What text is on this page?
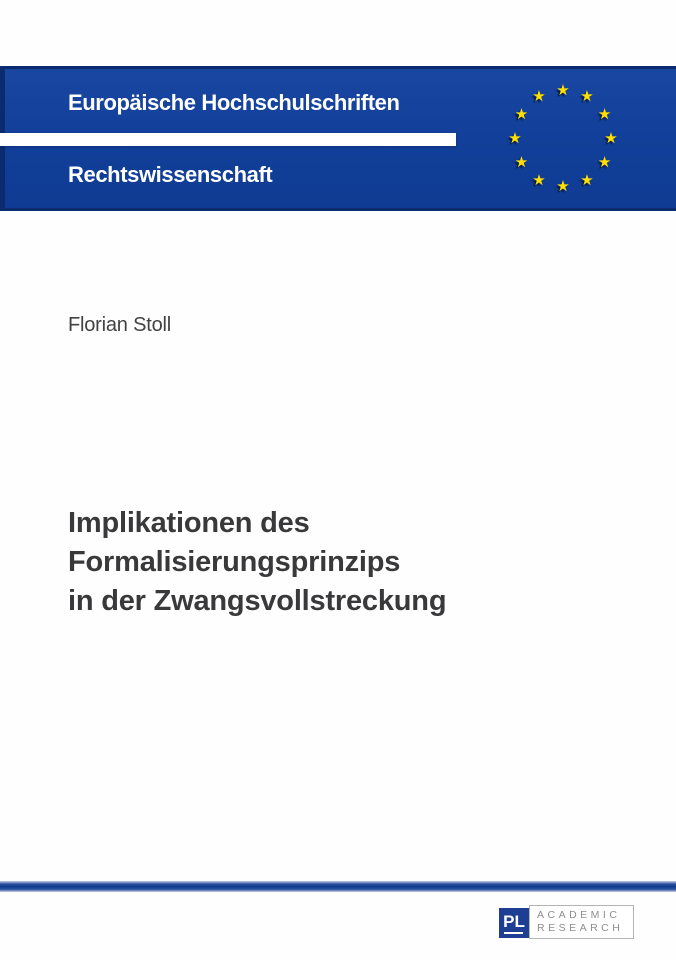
Europäische Hochschulschriften
Rechtswissenschaft
★ ★
★
★
★
★
★
★
★
★
★
★
Florian Stoll
Implikationen des
Formalisierungsprinzips
in der Zwangsvollstreckung
PL	ACADEMIC
RESEARCH
